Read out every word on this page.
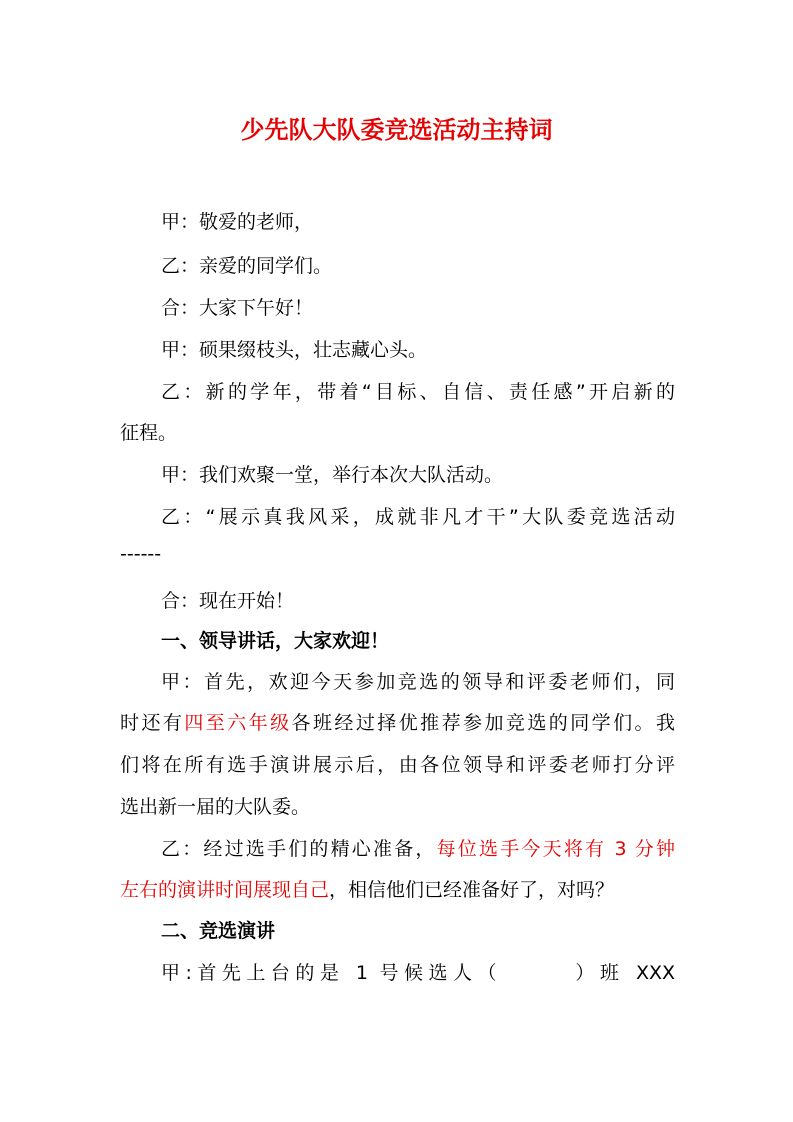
少先队大队委竞选活动主持词
甲：敬爱的老师，
乙：亲爱的同学们。
合：大家下午好！
甲：硕果缀枝头，壮志藏心头。
乙：新的学年，带着“目标、自信、责任感”开启新的
征程。
甲：我们欢聚一堂，举行本次大队活动。
乙：“展示真我风采，成就非凡才干”大队委竞选活动
------
合：现在开始！
一、领导讲话，大家欢迎！
甲：首先，欢迎今天参加竞选的领导和评委老师们，同
时还有四至六年级各班经过择优推荐参加竞选的同学们。我
们将在所有选手演讲展示后，由各位领导和评委老师打分评
选出新一届的大队委。
乙：经过选手们的精心准备，每位选手今天将有 3 分钟
左右的演讲时间展现自己，相信他们已经准备好了，对吗？
二、竞选演讲
甲:首先上台的是 1 号候选人（　　　）班 XXX
